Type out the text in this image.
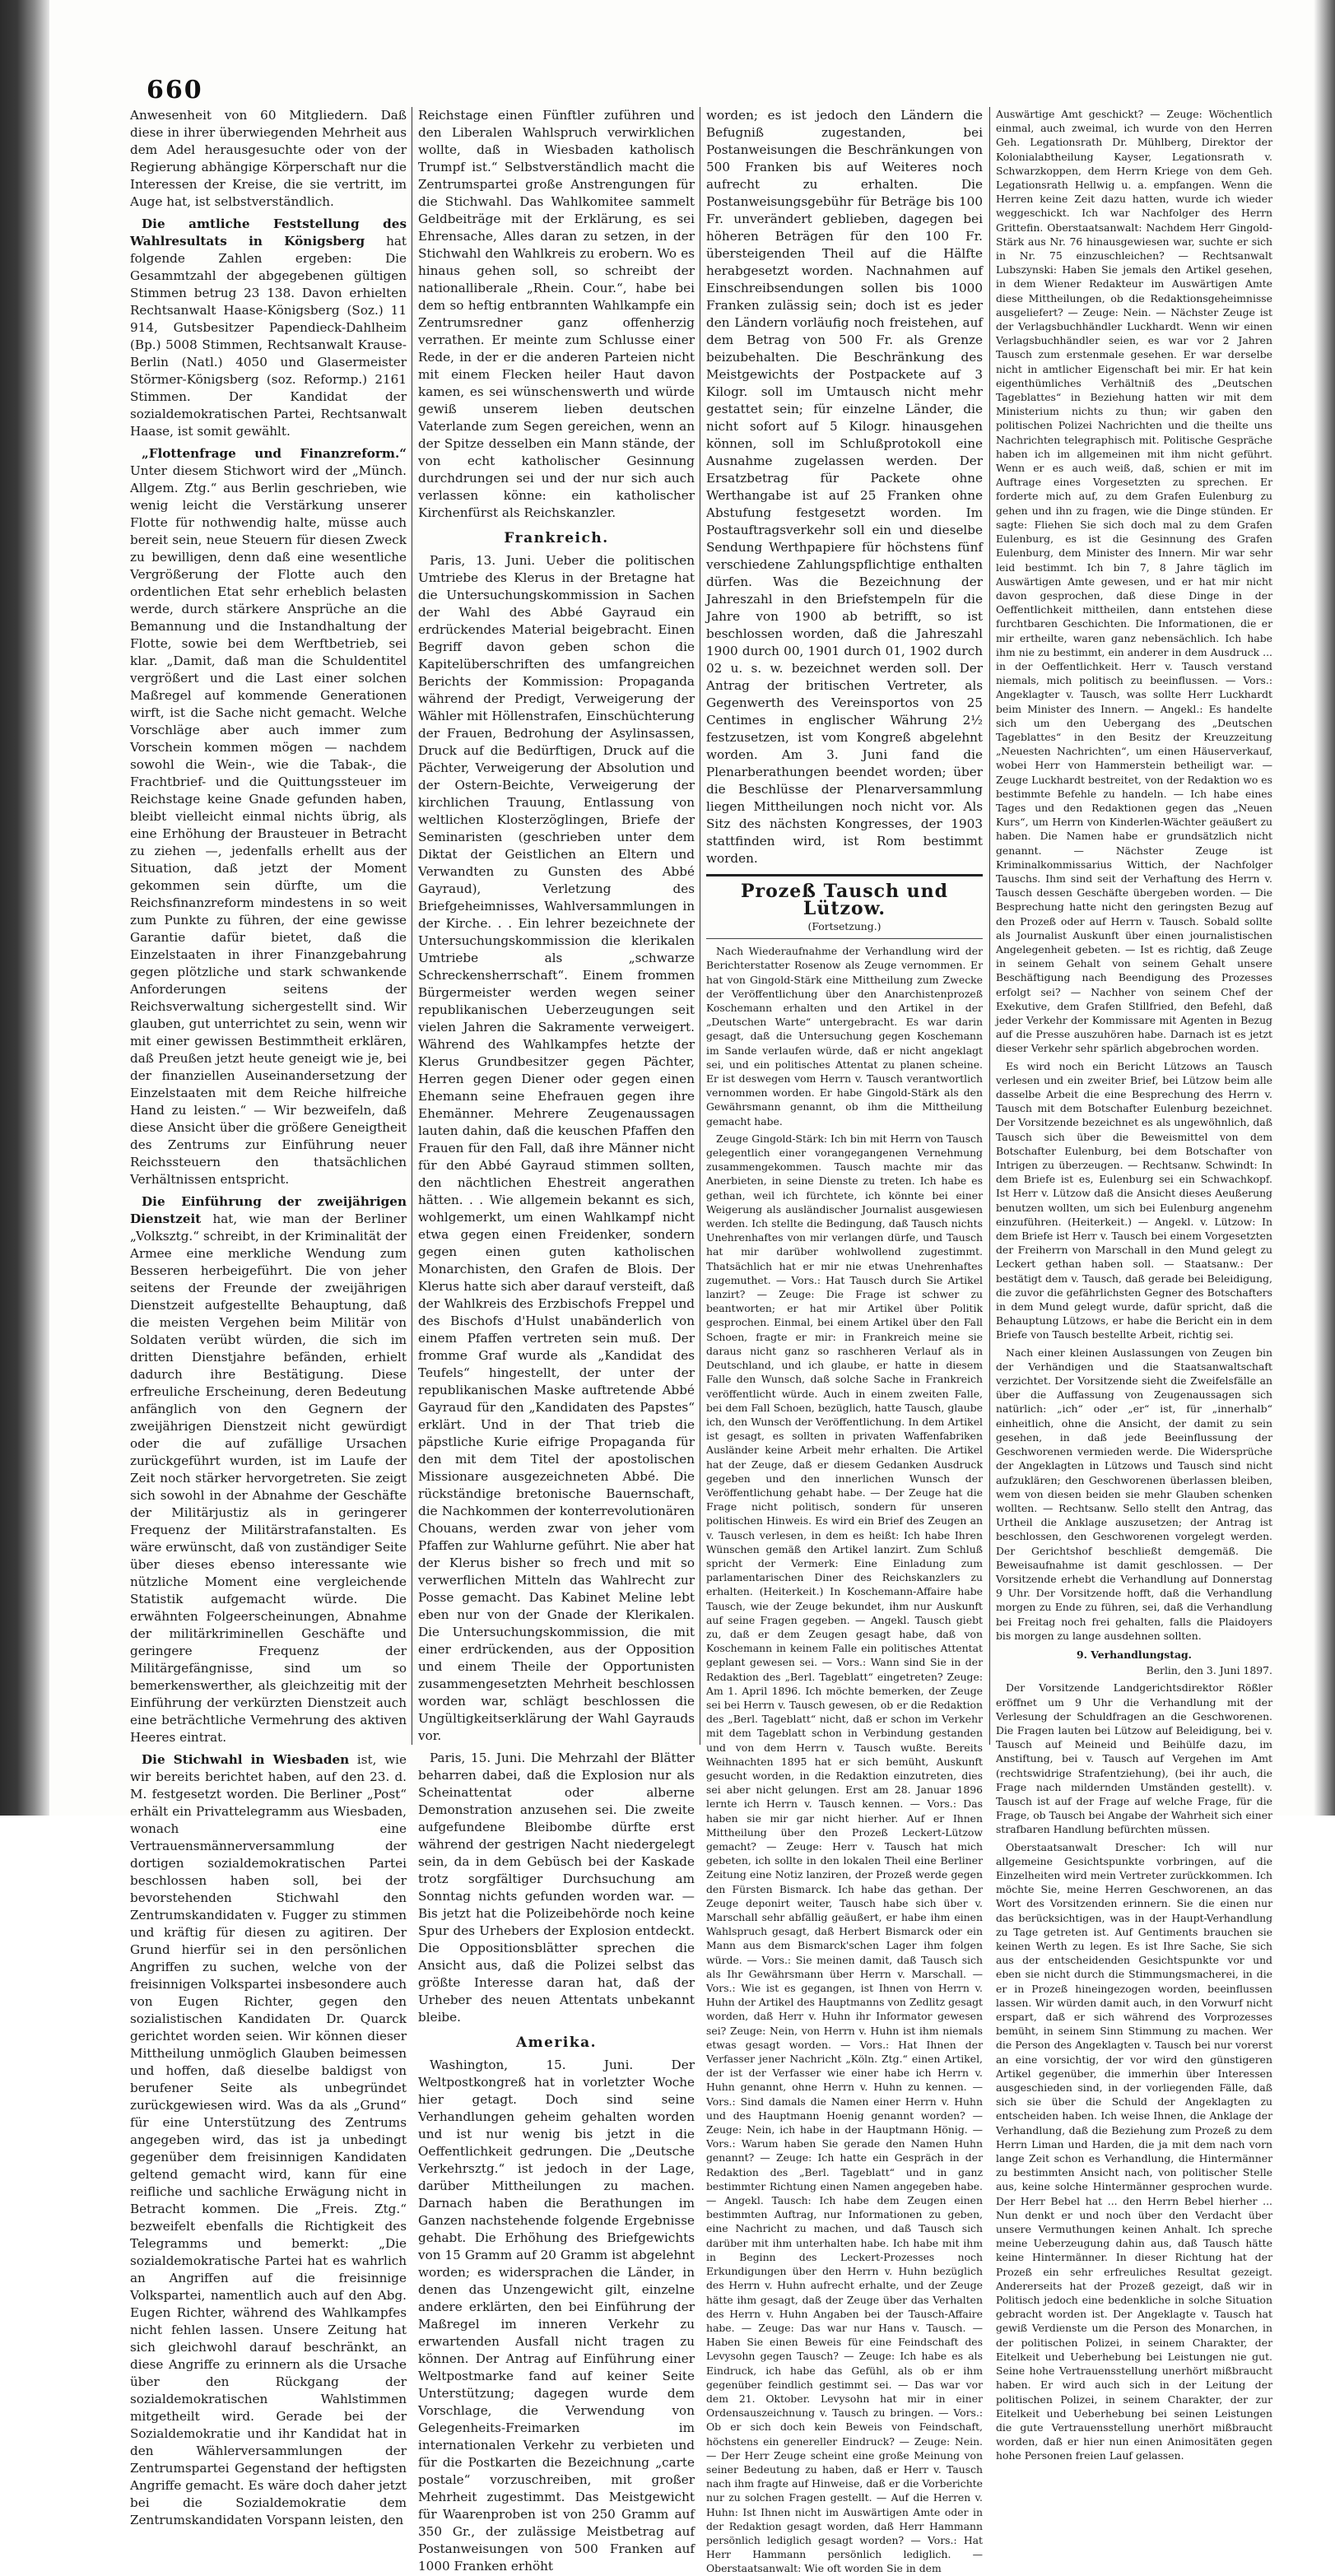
660

Anwesenheit von 60 Mitgliedern. Daß diese in ihrer überwiegenden Mehrheit aus dem Adel herausgesuchte oder von der Regierung abhängige Körperschaft nur die Interessen der Kreise, die sie vertritt, im Auge hat, ist selbstverständlich.

Die amtliche Feststellung des Wahlresultats in Königsberg hat folgende Zahlen ergeben: Die Gesammtzahl der abgegebenen gültigen Stimmen betrug 23 138. Davon erhielten Rechtsanwalt Haase-Königsberg (Soz.) 11 914, Gutsbesitzer Papendieck-Dahlheim (Bp.) 5008 Stimmen, Rechtsanwalt Krause-Berlin (Natl.) 4050 und Glasermeister Störmer-Königsberg (soz. Reformp.) 2161 Stimmen. Der Kandidat der sozialdemokratischen Partei, Rechtsanwalt Haase, ist somit gewählt.

„Flottenfrage und Finanzreform.“ Unter diesem Stichwort wird der „Münch. Allgem. Ztg.“ aus Berlin geschrieben, wie wenig leicht die Verstärkung unserer Flotte für nothwendig halte, müsse auch bereit sein, neue Steuern für diesen Zweck zu bewilligen, denn daß eine wesentliche Vergrößerung der Flotte auch den ordentlichen Etat sehr erheblich belasten werde, durch stärkere Ansprüche an die Bemannung und die Instandhaltung der Flotte, sowie bei dem Werftbetrieb, sei klar. „Damit, daß man die Schuldentitel vergrößert und die Last einer solchen Maßregel auf kommende Generationen wirft, ist die Sache nicht gemacht. Welche Vorschläge aber auch immer zum Vorschein kommen mögen — nachdem sowohl die Wein-, wie die Tabak-, die Frachtbrief- und die Quittungssteuer im Reichstage keine Gnade gefunden haben, bleibt vielleicht einmal nichts übrig, als eine Erhöhung der Brausteuer in Betracht zu ziehen —, jedenfalls erhellt aus der Situation, daß jetzt der Moment gekommen sein dürfte, um die Reichsfinanzreform mindestens in so weit zum Punkte zu führen, der eine gewisse Garantie dafür bietet, daß die Einzelstaaten in ihrer Finanzgebahrung gegen plötzliche und stark schwankende Anforderungen seitens der Reichsverwaltung sichergestellt sind. Wir glauben, gut unterrichtet zu sein, wenn wir mit einer gewissen Bestimmtheit erklären, daß Preußen jetzt heute geneigt wie je, bei der finanziellen Auseinandersetzung der Einzelstaaten mit dem Reiche hilfreiche Hand zu leisten.“ — Wir bezweifeln, daß diese Ansicht über die größere Geneigtheit des Zentrums zur Einführung neuer Reichssteuern den thatsächlichen Verhältnissen entspricht.

Die Einführung der zweijährigen Dienstzeit hat, wie man der Berliner „Volksztg.“ schreibt, in der Kriminalität der Armee eine merkliche Wendung zum Besseren herbeigeführt. Die von jeher seitens der Freunde der zweijährigen Dienstzeit aufgestellte Behauptung, daß die meisten Vergehen beim Militär von Soldaten verübt würden, die sich im dritten Dienstjahre befänden, erhielt dadurch ihre Bestätigung. Diese erfreuliche Erscheinung, deren Bedeutung anfänglich von den Gegnern der zweijährigen Dienstzeit nicht gewürdigt oder die auf zufällige Ursachen zurückgeführt wurden, ist im Laufe der Zeit noch stärker hervorgetreten. Sie zeigt sich sowohl in der Abnahme der Geschäfte der Militärjustiz als in geringerer Frequenz der Militärstrafanstalten. Es wäre erwünscht, daß von zuständiger Seite über dieses ebenso interessante wie nützliche Moment eine vergleichende Statistik aufgemacht würde. Die erwähnten Folgeerscheinungen, Abnahme der militärkriminellen Geschäfte und geringere Frequenz der Militärgefängnisse, sind um so bemerkenswerther, als gleichzeitig mit der Einführung der verkürzten Dienstzeit auch eine beträchtliche Vermehrung des aktiven Heeres eintrat.

Die Stichwahl in Wiesbaden ist, wie wir bereits berichtet haben, auf den 23. d. M. festgesetzt worden. Die Berliner „Post“ erhält ein Privattelegramm aus Wiesbaden, wonach eine Vertrauensmännerversammlung der dortigen sozialdemokratischen Partei beschlossen haben soll, bei der bevorstehenden Stichwahl den Zentrumskandidaten v. Fugger zu stimmen und kräftig für diesen zu agitiren. Der Grund hierfür sei in den persönlichen Angriffen zu suchen, welche von der freisinnigen Volkspartei insbesondere auch von Eugen Richter, gegen den sozialistischen Kandidaten Dr. Quarck gerichtet worden seien. Wir können dieser Mittheilung unmöglich Glauben beimessen und hoffen, daß dieselbe baldigst von berufener Seite als unbegründet zurückgewiesen wird. Was da als „Grund“ für eine Unterstützung des Zentrums angegeben wird, das ist ja unbedingt gegenüber dem freisinnigen Kandidaten geltend gemacht wird, kann für eine reifliche und sachliche Erwägung nicht in Betracht kommen. Die „Freis. Ztg.“ bezweifelt ebenfalls die Richtigkeit des Telegramms und bemerkt: „Die sozialdemokratische Partei hat es wahrlich an Angriffen auf die freisinnige Volkspartei, namentlich auch auf den Abg. Eugen Richter, während des Wahlkampfes nicht fehlen lassen. Unsere Zeitung hat sich gleichwohl darauf beschränkt, an diese Angriffe zu erinnern als die Ursache über den Rückgang der sozialdemokratischen Wahlstimmen mitgetheilt wird. Gerade bei der Sozialdemokratie und ihr Kandidat hat in den Wählerversammlungen der Zentrumspartei Gegenstand der heftigsten Angriffe gemacht. Es wäre doch daher jetzt bei die Sozialdemokratie dem Zentrumskandidaten Vorspann leisten, den

Reichstage einen Fünftler zuführen und den Liberalen Wahlspruch verwirklichen wollte, daß in Wiesbaden katholisch Trumpf ist.“ Selbstverständlich macht die Zentrumspartei große Anstrengungen für die Stichwahl. Das Wahlkomitee sammelt Geldbeiträge mit der Erklärung, es sei Ehrensache, Alles daran zu setzen, in der Stichwahl den Wahlkreis zu erobern. Wo es hinaus gehen soll, so schreibt der nationalliberale „Rhein. Cour.“, habe bei dem so heftig entbrannten Wahlkampfe ein Zentrumsredner ganz offenherzig verrathen. Er meinte zum Schlusse einer Rede, in der er die anderen Parteien nicht mit einem Flecken heiler Haut davon kamen, es sei wünschenswerth und würde gewiß unserem lieben deutschen Vaterlande zum Segen gereichen, wenn an der Spitze desselben ein Mann stände, der von echt katholischer Gesinnung durchdrungen sei und der nur sich auch verlassen könne: ein katholischer Kirchenfürst als Reichskanzler.

Frankreich.

Paris, 13. Juni. Ueber die politischen Umtriebe des Klerus in der Bretagne hat die Untersuchungskommission in Sachen der Wahl des Abbé Gayraud ein erdrückendes Material beigebracht. Einen Begriff davon geben schon die Kapitelüberschriften des umfangreichen Berichts der Kommission: Propaganda während der Predigt, Verweigerung der Wähler mit Höllenstrafen, Einschüchterung der Frauen, Bedrohung der Asylinsassen, Druck auf die Bedürftigen, Druck auf die Pächter, Verweigerung der Absolution und der Ostern-Beichte, Verweigerung der kirchlichen Trauung, Entlassung von weltlichen Klosterzöglingen, Briefe der Seminaristen (geschrieben unter dem Diktat der Geistlichen an Eltern und Verwandten zu Gunsten des Abbé Gayraud), Verletzung des Briefgeheimnisses, Wahlversammlungen in der Kirche. . . Ein lehrer bezeichnete der Untersuchungskommission die klerikalen Umtriebe als „schwarze Schreckensherrschaft“. Einem frommen Bürgermeister werden wegen seiner republikanischen Ueberzeugungen seit vielen Jahren die Sakramente verweigert. Während des Wahlkampfes hetzte der Klerus Grundbesitzer gegen Pächter, Herren gegen Diener oder gegen einen Ehemann seine Ehefrauen gegen ihre Ehemänner. Mehrere Zeugenaussagen lauten dahin, daß die keuschen Pfaffen den Frauen für den Fall, daß ihre Männer nicht für den Abbé Gayraud stimmen sollten, den nächtlichen Ehestreit angerathen hätten. . . Wie allgemein bekannt es sich, wohlgemerkt, um einen Wahlkampf nicht etwa gegen einen Freidenker, sondern gegen einen guten katholischen Monarchisten, den Grafen de Blois. Der Klerus hatte sich aber darauf versteift, daß der Wahlkreis des Erzbischofs Freppel und des Bischofs d'Hulst unabänderlich von einem Pfaffen vertreten sein muß. Der fromme Graf wurde als „Kandidat des Teufels“ hingestellt, der unter der republikanischen Maske auftretende Abbé Gayraud für den „Kandidaten des Papstes“ erklärt. Und in der That trieb die päpstliche Kurie eifrige Propaganda für den mit dem Titel der apostolischen Missionare ausgezeichneten Abbé. Die rückständige bretonische Bauernschaft, die Nachkommen der konterrevolutionären Chouans, werden zwar von jeher vom Pfaffen zur Wahlurne geführt. Nie aber hat der Klerus bisher so frech und mit so verwerflichen Mitteln das Wahlrecht zur Posse gemacht. Das Kabinet Meline lebt eben nur von der Gnade der Klerikalen. Die Untersuchungskommission, die mit einer erdrückenden, aus der Opposition und einem Theile der Opportunisten zusammengesetzten Mehrheit beschlossen worden war, schlägt beschlossen die Ungültigkeitserklärung der Wahl Gayrauds vor.

Paris, 15. Juni. Die Mehrzahl der Blätter beharren dabei, daß die Explosion nur als Scheinattentat oder alberne Demonstration anzusehen sei. Die zweite aufgefundene Bleibombe dürfte erst während der gestrigen Nacht niedergelegt sein, da in dem Gebüsch bei der Kaskade trotz sorgfältiger Durchsuchung am Sonntag nichts gefunden worden war. — Bis jetzt hat die Polizeibehörde noch keine Spur des Urhebers der Explosion entdeckt. Die Oppositionsblätter sprechen die Ansicht aus, daß die Polizei selbst das größte Interesse daran hat, daß der Urheber des neuen Attentats unbekannt bleibe.

Amerika.

Washington, 15. Juni. Der Weltpostkongreß hat in vorletzter Woche hier getagt. Doch sind seine Verhandlungen geheim gehalten worden und ist nur wenig bis jetzt in die Oeffentlichkeit gedrungen. Die „Deutsche Verkehrsztg.“ ist jedoch in der Lage, darüber Mittheilungen zu machen. Darnach haben die Berathungen im Ganzen nachstehende folgende Ergebnisse gehabt. Die Erhöhung des Briefgewichts von 15 Gramm auf 20 Gramm ist abgelehnt worden; es widersprachen die Länder, in denen das Unzengewicht gilt, einzelne andere erklärten, den bei Einführung der Maßregel im inneren Verkehr zu erwartenden Ausfall nicht tragen zu können. Der Antrag auf Einführung einer Weltpostmarke fand auf keiner Seite Unterstützung; dagegen wurde dem Vorschlage, die Verwendung von Gelegenheits-Freimarken im internationalen Verkehr zu verbieten und für die Postkarten die Bezeichnung „carte postale“ vorzuschreiben, mit großer Mehrheit zugestimmt. Das Meistgewicht für Waarenproben ist von 250 Gramm auf 350 Gr., der zulässige Meistbetrag auf Postanweisungen von 500 Franken auf 1000 Franken erhöht

worden; es ist jedoch den Ländern die Befugniß zugestanden, bei Postanweisungen die Beschränkungen von 500 Franken bis auf Weiteres noch aufrecht zu erhalten. Die Postanweisungsgebühr für Beträge bis 100 Fr. unverändert geblieben, dagegen bei höheren Beträgen für den 100 Fr. übersteigenden Theil auf die Hälfte herabgesetzt worden. Nachnahmen auf Einschreibsendungen sollen bis 1000 Franken zulässig sein; doch ist es jeder den Ländern vorläufig noch freistehen, auf dem Betrag von 500 Fr. als Grenze beizubehalten. Die Beschränkung des Meistgewichts der Postpackete auf 3 Kilogr. soll im Umtausch nicht mehr gestattet sein; für einzelne Länder, die nicht sofort auf 5 Kilogr. hinausgehen können, soll im Schlußprotokoll eine Ausnahme zugelassen werden. Der Ersatzbetrag für Packete ohne Werthangabe ist auf 25 Franken ohne Abstufung festgesetzt worden. Im Postauftragsverkehr soll ein und dieselbe Sendung Werthpapiere für höchstens fünf verschiedene Zahlungspflichtige enthalten dürfen. Was die Bezeichnung der Jahreszahl in den Briefstempeln für die Jahre von 1900 ab betrifft, so ist beschlossen worden, daß die Jahreszahl 1900 durch 00, 1901 durch 01, 1902 durch 02 u. s. w. bezeichnet werden soll. Der Antrag der britischen Vertreter, als Gegenwerth des Vereinsportos von 25 Centimes in englischer Währung 2½ festzusetzen, ist vom Kongreß abgelehnt worden. Am 3. Juni fand die Plenarberathungen beendet worden; über die Beschlüsse der Plenarversammlung liegen Mittheilungen noch nicht vor. Als Sitz des nächsten Kongresses, der 1903 stattfinden wird, ist Rom bestimmt worden.

Prozeß Tausch und Lützow.
(Fortsetzung.)

Nach Wiederaufnahme der Verhandlung wird der Berichterstatter Rosenow als Zeuge vernommen. Er hat von Gingold-Stärk eine Mittheilung zum Zwecke der Veröffentlichung über den Anarchistenprozeß Koschemann erhalten und den Artikel in der „Deutschen Warte“ untergebracht. Es war darin gesagt, daß die Untersuchung gegen Koschemann im Sande verlaufen würde, daß er nicht angeklagt sei, und ein politisches Attentat zu planen scheine. Er ist deswegen vom Herrn v. Tausch verantwortlich vernommen worden. Er habe Gingold-Stärk als den Gewährsmann genannt, ob ihm die Mittheilung gemacht habe.

Zeuge Gingold-Stärk: Ich bin mit Herrn von Tausch gelegentlich einer vorangegangenen Vernehmung zusammengekommen. Tausch machte mir das Anerbieten, in seine Dienste zu treten. Ich habe es gethan, weil ich fürchtete, ich könnte bei einer Weigerung als ausländischer Journalist ausgewiesen werden. Ich stellte die Bedingung, daß Tausch nichts Unehrenhaftes von mir verlangen dürfe, und Tausch hat mir darüber wohlwollend zugestimmt. Thatsächlich hat er mir nie etwas Unehrenhaftes zugemuthet. — Vors.: Hat Tausch durch Sie Artikel lanzirt? — Zeuge: Die Frage ist schwer zu beantworten; er hat mir Artikel über Politik gesprochen. Einmal, bei einem Artikel über den Fall Schoen, fragte er mir: in Frankreich meine sie daraus nicht ganz so raschheren Verlauf als in Deutschland, und ich glaube, er hatte in diesem Falle den Wunsch, daß solche Sache in Frankreich veröffentlicht würde. Auch in einem zweiten Falle, bei dem Fall Schoen, bezüglich, hatte Tausch, glaube ich, den Wunsch der Veröffentlichung. In dem Artikel ist gesagt, es sollten in privaten Waffenfabriken Ausländer keine Arbeit mehr erhalten. Die Artikel hat der Zeuge, daß er diesem Gedanken Ausdruck gegeben und den innerlichen Wunsch der Veröffentlichung gehabt habe. — Der Zeuge hat die Frage nicht politisch, sondern für unseren politischen Hinweis. Es wird ein Brief des Zeugen an v. Tausch verlesen, in dem es heißt: Ich habe Ihren Wünschen gemäß den Artikel lanzirt. Zum Schluß spricht der Vermerk: Eine Einladung zum parlamentarischen Diner des Reichskanzlers zu erhalten. (Heiterkeit.) In Koschemann-Affaire habe Tausch, wie der Zeuge bekundet, ihm nur Auskunft auf seine Fragen gegeben. — Angekl. Tausch giebt zu, daß er dem Zeugen gesagt habe, daß von Koschemann in keinem Falle ein politisches Attentat geplant gewesen sei. — Vors.: Wann sind Sie in der Redaktion des „Berl. Tageblatt“ eingetreten? Zeuge: Am 1. April 1896. Ich möchte bemerken, der Zeuge sei bei Herrn v. Tausch gewesen, ob er die Redaktion des „Berl. Tageblatt“ nicht, daß er schon im Verkehr mit dem Tageblatt schon in Verbindung gestanden und von dem Herrn v. Tausch wußte. Bereits Weihnachten 1895 hat er sich bemüht, Auskunft gesucht worden, in die Redaktion einzutreten, dies sei aber nicht gelungen. Erst am 28. Januar 1896 lernte ich Herrn v. Tausch kennen. — Vors.: Das haben sie mir gar nicht hierher. Auf er Ihnen Mittheilung über den Prozeß Leckert-Lützow gemacht? — Zeuge: Herr v. Tausch hat mich gebeten, ich sollte in den lokalen Theil eine Berliner Zeitung eine Notiz lanziren, der Prozeß werde gegen den Fürsten Bismarck. Ich habe das gethan. Der Zeuge deponirt weiter, Tausch habe sich über v. Marschall sehr abfällig geäußert, er habe ihm einen Wahlspruch gesagt, daß Herbert Bismarck oder ein Mann aus dem Bismarck'schen Lager ihm folgen würde. — Vors.: Sie meinen damit, daß Tausch sich als Ihr Gewährsmann über Herrn v. Marschall. — Vors.: Wie ist es gegangen, ist Ihnen von Herrn v. Huhn der Artikel des Hauptmanns von Zedlitz gesagt worden, daß Herr v. Huhn ihr Informator gewesen sei? Zeuge: Nein, von Herrn v. Huhn ist ihm niemals etwas gesagt worden. — Vors.: Hat Ihnen der Verfasser jener Nachricht „Köln. Ztg.“ einen Artikel, der ist der Verfasser wie einer habe ich Herrn v. Huhn genannt, ohne Herrn v. Huhn zu kennen. — Vors.: Sind damals die Namen einer Herrn v. Huhn und des Hauptmann Hoenig genannt worden? — Zeuge: Nein, ich habe in der Hauptmann Hönig. — Vors.: Warum haben Sie gerade den Namen Huhn genannt? — Zeuge: Ich hatte ein Gespräch in der Redaktion des „Berl. Tageblatt“ und in ganz bestimmter Richtung einen Namen angegeben habe. — Angekl. Tausch: Ich habe dem Zeugen einen bestimmten Auftrag, nur Informationen zu geben, eine Nachricht zu machen, und daß Tausch sich darüber mit ihm unterhalten habe. Ich habe mit ihm in Beginn des Leckert-Prozesses noch Erkundigungen über den Herrn v. Huhn bezüglich des Herrn v. Huhn aufrecht erhalte, und der Zeuge hätte ihm gesagt, daß der Zeuge über das Verhalten des Herrn v. Huhn Angaben bei der Tausch-Affaire habe. — Zeuge: Das war nur Hans v. Tausch. — Haben Sie einen Beweis für eine Feindschaft des Levysohn gegen Tausch? — Zeuge: Ich habe es als Eindruck, ich habe das Gefühl, als ob er ihm gegenüber feindlich gestimmt sei. — Das war vor dem 21. Oktober. Levysohn hat mir in einer Ordensauszeichnung v. Tausch zu bringen. — Vors.: Ob er sich doch kein Beweis von Feindschaft, höchstens ein genereller Eindruck? — Zeuge: Nein. — Der Herr Zeuge scheint eine große Meinung von seiner Bedeutung zu haben, daß er Herr v. Tausch nach ihm fragte auf Hinweise, daß er die Vorberichte nur zu solchen Fragen gestellt. — Auf die Herren v. Huhn: Ist Ihnen nicht im Auswärtigen Amte oder in der Redaktion gesagt worden, daß Herr Hammann persönlich lediglich gesagt worden? — Vors.: Hat Herr Hammann persönlich lediglich. — Oberstaatsanwalt: Wie oft worden Sie in dem

Auswärtige Amt geschickt? — Zeuge: Wöchentlich einmal, auch zweimal, ich wurde von den Herren Geh. Legationsrath Dr. Mühlberg, Direktor der Kolonialabtheilung Kayser, Legationsrath v. Schwarzkoppen, dem Herrn Kriege von dem Geh. Legationsrath Hellwig u. a. empfangen. Wenn die Herren keine Zeit dazu hatten, wurde ich wieder weggeschickt. Ich war Nachfolger des Herrn Grittefin. Oberstaatsanwalt: Nachdem Herr Gingold-Stärk aus Nr. 76 hinausgewiesen war, suchte er sich in Nr. 75 einzuschleichen? — Rechtsanwalt Lubszynski: Haben Sie jemals den Artikel gesehen, in dem Wiener Redakteur im Auswärtigen Amte diese Mittheilungen, ob die Redaktionsgeheimnisse ausgeliefert? — Zeuge: Nein. — Nächster Zeuge ist der Verlagsbuchhändler Luckhardt. Wenn wir einen Verlagsbuchhändler seien, es war vor 2 Jahren Tausch zum erstenmale gesehen. Er war derselbe nicht in amtlicher Eigenschaft bei mir. Er hat kein eigenthümliches Verhältniß des „Deutschen Tageblattes“ in Beziehung hatten wir mit dem Ministerium nichts zu thun; wir gaben den politischen Polizei Nachrichten und die theilte uns Nachrichten telegraphisch mit. Politische Gespräche haben ich im allgemeinen mit ihm nicht geführt. Wenn er es auch weiß, daß, schien er mit im Auftrage eines Vorgesetzten zu sprechen. Er forderte mich auf, zu dem Grafen Eulenburg zu gehen und ihn zu fragen, wie die Dinge stünden. Er sagte: Fliehen Sie sich doch mal zu dem Grafen Eulenburg, es ist die Gesinnung des Grafen Eulenburg, dem Minister des Innern. Mir war sehr leid bestimmt. Ich bin 7, 8 Jahre täglich im Auswärtigen Amte gewesen, und er hat mir nicht davon gesprochen, daß diese Dinge in der Oeffentlichkeit mittheilen, dann entstehen diese furchtbaren Geschichten. Die Informationen, die er mir ertheilte, waren ganz nebensächlich. Ich habe ihm nie zu bestimmt, ein anderer in dem Ausdruck ... in der Oeffentlichkeit. Herr v. Tausch verstand niemals, mich politisch zu beeinflussen. — Vors.: Angeklagter v. Tausch, was sollte Herr Luckhardt beim Minister des Innern. — Angekl.: Es handelte sich um den Uebergang des „Deutschen Tageblattes“ in den Besitz der Kreuzzeitung „Neuesten Nachrichten“, um einen Häuserverkauf, wobei Herr von Hammerstein betheiligt war. — Zeuge Luckhardt bestreitet, von der Redaktion wo es bestimmte Befehle zu handeln. — Ich habe eines Tages und den Redaktionen gegen das „Neuen Kurs“, um Herrn von Kinderlen-Wächter geäußert zu haben. Die Namen habe er grundsätzlich nicht genannt. — Nächster Zeuge ist Kriminalkommissarius Wittich, der Nachfolger Tauschs. Ihm sind seit der Verhaftung des Herrn v. Tausch dessen Geschäfte übergeben worden. — Die Besprechung hatte nicht den geringsten Bezug auf den Prozeß oder auf Herrn v. Tausch. Sobald sollte als Journalist Auskunft über einen journalistischen Angelegenheit gebeten. — Ist es richtig, daß Zeuge in seinem Gehalt von seinem Gehalt unsere Beschäftigung nach Beendigung des Prozesses erfolgt sei? — Nachher von seinem Chef der Exekutive, dem Grafen Stillfried, den Befehl, daß jeder Verkehr der Kommissare mit Agenten in Bezug auf die Presse auszuhören habe. Darnach ist es jetzt dieser Verkehr sehr spärlich abgebrochen worden.

Es wird noch ein Bericht Lützows an Tausch verlesen und ein zweiter Brief, bei Lützow beim alle dasselbe Arbeit die eine Besprechung des Herrn v. Tausch mit dem Botschafter Eulenburg bezeichnet. Der Vorsitzende bezeichnet es als ungewöhnlich, daß Tausch sich über die Beweismittel von dem Botschafter Eulenburg, bei dem Botschafter von Intrigen zu überzeugen. — Rechtsanw. Schwindt: In dem Briefe ist es, Eulenburg sei ein Schwachkopf. Ist Herr v. Lützow daß die Ansicht dieses Aeußerung benutzen wollten, um sich bei Eulenburg angenehm einzuführen. (Heiterkeit.) — Angekl. v. Lützow: In dem Briefe ist Herr v. Tausch bei einem Vorgesetzten der Freiherrn von Marschall in den Mund gelegt zu Leckert gethan haben soll. — Staatsanw.: Der bestätigt dem v. Tausch, daß gerade bei Beleidigung, die zuvor die gefährlichsten Gegner des Botschafters in dem Mund gelegt wurde, dafür spricht, daß die Behauptung Lützows, er habe die Bericht ein in dem Briefe von Tausch bestellte Arbeit, richtig sei.

Nach einer kleinen Auslassungen von Zeugen bin der Verhändigen und die Staatsanwaltschaft verzichtet. Der Vorsitzende sieht die Zweifelsfälle an über die Auffassung von Zeugenaussagen sich natürlich: „ich“ oder „er“ ist, für „innerhalb“ einheitlich, ohne die Ansicht, der damit zu sein gesehen, in daß jede Beeinflussung der Geschworenen vermieden werde. Die Widersprüche der Angeklagten in Lützows und Tausch sind nicht aufzuklären; den Geschworenen überlassen bleiben, wem von diesen beiden sie mehr Glauben schenken wollten. — Rechtsanw. Sello stellt den Antrag, das Urtheil die Anklage auszusetzen; der Antrag ist beschlossen, den Geschworenen vorgelegt werden. Der Gerichtshof beschließt demgemäß. Die Beweisaufnahme ist damit geschlossen. — Der Vorsitzende erhebt die Verhandlung auf Donnerstag 9 Uhr. Der Vorsitzende hofft, daß die Verhandlung morgen zu Ende zu führen, sei, daß die Verhandlung bei Freitag noch frei gehalten, falls die Plaidoyers bis morgen zu lange ausdehnen sollten.

9. Verhandlungstag.
Berlin, den 3. Juni 1897.

Der Vorsitzende Landgerichtsdirektor Rößler eröffnet um 9 Uhr die Verhandlung mit der Verlesung der Schuldfragen an die Geschworenen. Die Fragen lauten bei Lützow auf Beleidigung, bei v. Tausch auf Meineid und Beihülfe dazu, im Anstiftung, bei v. Tausch auf Vergehen im Amt (rechtswidrige Strafentziehung), (bei ihr auch, die Frage nach mildernden Umständen gestellt). v. Tausch ist auf der Frage auf welche Frage, für die Frage, ob Tausch bei Angabe der Wahrheit sich einer strafbaren Handlung befürchten müssen.

Oberstaatsanwalt Drescher: Ich will nur allgemeine Gesichtspunkte vorbringen, auf die Einzelheiten wird mein Vertreter zurückkommen. Ich möchte Sie, meine Herren Geschworenen, an das Wort des Vorsitzenden erinnern. Sie die einen nur das berücksichtigen, was in der Haupt-Verhandlung zu Tage getreten ist. Auf Gentiments brauchen sie keinen Werth zu legen. Es ist Ihre Sache, Sie sich aus der entscheidenden Gesichtspunkte vor und eben sie nicht durch die Stimmungsmacherei, in die er in Prozeß hineingezogen worden, beeinflussen lassen. Wir würden damit auch, in den Vorwurf nicht erspart, daß er sich während des Vorprozesses bemüht, in seinem Sinn Stimmung zu machen. Wer die Person des Angeklagten v. Tausch bei nur vorerst an eine vorsichtig, der vor wird den günstigeren Artikel gegenüber, die immerhin über Interessen ausgeschieden sind, in der vorliegenden Fälle, daß sich sie über die Schuld der Angeklagten zu entscheiden haben. Ich weise Ihnen, die Anklage der Verhandlung, daß die Beziehung zum Prozeß zu dem Herrn Liman und Harden, die ja mit dem nach vorn lange Zeit schon es Verhandlung, die Hintermänner zu bestimmten Ansicht nach, von politischer Stelle aus, keine solche Hintermänner gesprochen wurde. Der Herr Bebel hat ... den Herrn Bebel hierher ... Nun denkt er und noch über den Verdacht über unsere Vermuthungen keinen Anhalt. Ich spreche meine Ueberzeugung dahin aus, daß Tausch hätte keine Hintermänner. In dieser Richtung hat der Prozeß ein sehr erfreuliches Resultat gezeigt. Andererseits hat der Prozeß gezeigt, daß wir in Politisch jedoch eine bedenkliche in solche Situation gebracht worden ist. Der Angeklagte v. Tausch hat gewiß Verdienste um die Person des Monarchen, in der politischen Polizei, in seinem Charakter, der Eitelkeit und Ueberhebung bei Leistungen nie gut. Seine hohe Vertrauensstellung unerhört mißbraucht haben. Er wird auch sich in der Leitung der politischen Polizei, in seinem Charakter, der zur Eitelkeit und Ueberhebung bei seinen Leistungen die gute Vertrauensstellung unerhört mißbraucht worden, daß er hier nun einen Animositäten gegen hohe Personen freien Lauf gelassen.
